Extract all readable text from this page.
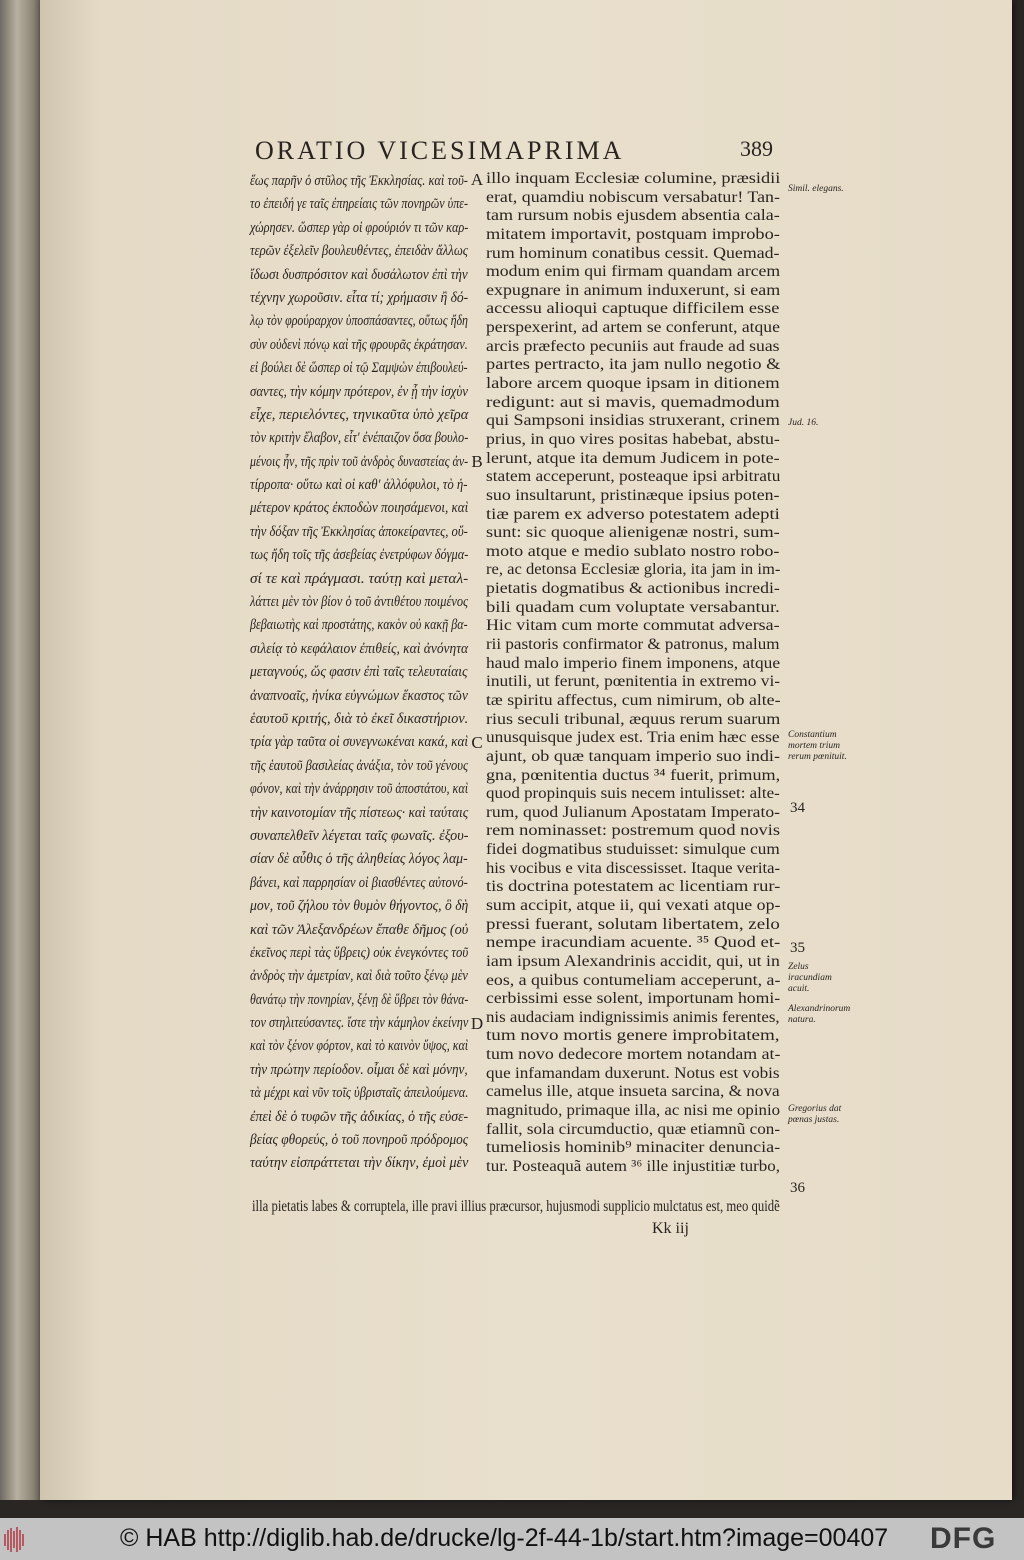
ORATIO VICESIMAPRIMA	389
ἕως παρῆν ὁ στῦλος τῆς Ἐκκλησίας. καὶ τοῦ-
το ἐπειδή γε ταῖς ἐπηρείαις τῶν πονηρῶν ὑπε-
χώρησεν. ὥσπερ γὰρ οἱ φρούριόν τι τῶν καρ-
τερῶν ἐξελεῖν βουλευθέντες, ἐπειδὰν ἄλλως
ἴδωσι δυσπρόσιτον καὶ δυσάλωτον ἐπὶ τὴν
τέχνην χωροῦσιν. εἶτα τί; χρήμασιν ἢ δό-
λῳ τὸν φρούραρχον ὑποσπάσαντες, οὕτως ἤδη
σὺν οὐδενὶ πόνῳ καὶ τῆς φρουρᾶς ἐκράτησαν.
εἰ βούλει δὲ ὥσπερ οἱ τῷ Σαμψὼν ἐπιβουλεύ-
σαντες, τὴν κόμην πρότερον, ἐν ᾗ τὴν ἰσχὺν
εἶχε, περιελόντες, τηνικαῦτα ὑπὸ χεῖρα
τὸν κριτὴν ἔλαβον, εἶτ' ἐνέπαιζον ὅσα βουλο-
μένοις ἦν, τῆς πρὶν τοῦ ἀνδρὸς δυναστείας ἀν-
τίρροπα· οὕτω καὶ οἱ καθ' ἀλλόφυλοι, τὸ ἡ-
μέτερον κράτος ἐκποδὼν ποιησάμενοι, καὶ
τὴν δόξαν τῆς Ἐκκλησίας ἀποκείραντες, οὕ-
τως ἤδη τοῖς τῆς ἀσεβείας ἐνετρύφων δόγμα-
σί τε καὶ πράγμασι. ταύτῃ καὶ μεταλ-
λάττει μὲν τὸν βίον ὁ τοῦ ἀντιθέτου ποιμένος
βεβαιωτὴς καὶ προστάτης, κακὸν οὐ κακῇ βα-
σιλείᾳ τὸ κεφάλαιον ἐπιθείς, καὶ ἀνόνητα
μεταγνούς, ὥς φασιν ἐπὶ ταῖς τελευταίαις
ἀναπνοαῖς, ἡνίκα εὐγνώμων ἕκαστος τῶν
ἑαυτοῦ κριτής, διὰ τὸ ἐκεῖ δικαστήριον.
τρία γὰρ ταῦτα οἱ συνεγνωκέναι κακά, καὶ
τῆς ἑαυτοῦ βασιλείας ἀνάξια, τὸν τοῦ γένους
φόνον, καὶ τὴν ἀνάρρησιν τοῦ ἀποστάτου, καὶ
τὴν καινοτομίαν τῆς πίστεως· καὶ ταύταις
συναπελθεῖν λέγεται ταῖς φωναῖς. ἐξου-
σίαν δὲ αὖθις ὁ τῆς ἀληθείας λόγος λαμ-
βάνει, καὶ παρρησίαν οἱ βιασθέντες αὐτονό-
μον, τοῦ ζήλου τὸν θυμὸν θήγοντος, ὃ δὴ
καὶ τῶν Ἀλεξανδρέων ἔπαθε δῆμος (οὐ
ἐκεῖνος περὶ τὰς ὕβρεις) οὐκ ἐνεγκόντες τοῦ
ἀνδρὸς τὴν ἀμετρίαν, καὶ διὰ τοῦτο ξένῳ μὲν
θανάτῳ τὴν πονηρίαν, ξένῃ δὲ ὕβρει τὸν θάνα-
τον στηλιτεύσαντες. ἴστε τὴν κάμηλον ἐκείνην
καὶ τὸν ξένον φόρτον, καὶ τὸ καινὸν ὕψος, καὶ
τὴν πρώτην περίοδον. οἶμαι δὲ καὶ μόνην,
τὰ μέχρι καὶ νῦν τοῖς ὑβρισταῖς ἀπειλούμενα.
ἐπεὶ δὲ ὁ τυφῶν τῆς ἀδικίας, ὁ τῆς εὐσε-
βείας φθορεύς, ὁ τοῦ πονηροῦ πρόδρομος
ταύτην εἰσπράττεται τὴν δίκην, ἐμοὶ μὲν
illo inquam Ecclesiæ columine, præsidii
erat, quamdiu nobiscum versabatur! Tan-
tam rursum nobis ejusdem absentia cala-
mitatem importavit, postquam improbo-
rum hominum conatibus cessit. Quemad-
modum enim qui firmam quandam arcem
expugnare in animum induxerunt, si eam
accessu alioqui captuque difficilem esse
perspexerint, ad artem se conferunt, atque
arcis præfecto pecuniis aut fraude ad suas
partes pertracto, ita jam nullo negotio &
labore arcem quoque ipsam in ditionem
redigunt: aut si mavis, quemadmodum
qui Sampsoni insidias struxerant, crinem
prius, in quo vires positas habebat, abstu-
lerunt, atque ita demum Judicem in pote-
statem acceperunt, posteaque ipsi arbitratu
suo insultarunt, pristinæque ipsius poten-
tiæ parem ex adverso potestatem adepti
sunt: sic quoque alienigenæ nostri, sum-
moto atque e medio sublato nostro robo-
re, ac detonsa Ecclesiæ gloria, ita jam in im-
pietatis dogmatibus & actionibus incredi-
bili quadam cum voluptate versabantur.
Hic vitam cum morte commutat adversa-
rii pastoris confirmator & patronus, malum
haud malo imperio finem imponens, atque
inutili, ut ferunt, pœnitentia in extremo vi-
tæ spiritu affectus, cum nimirum, ob alte-
rius seculi tribunal, æquus rerum suarum
unusquisque judex est. Tria enim hæc esse
ajunt, ob quæ tanquam imperio suo indi-
gna, pœnitentia ductus ³⁴ fuerit, primum,
quod propinquis suis necem intulisset: alte-
rum, quod Julianum Apostatam Imperato-
rem nominasset: postremum quod novis
fidei dogmatibus studuisset: simulque cum
his vocibus e vita discessisset. Itaque verita-
tis doctrina potestatem ac licentiam rur-
sum accipit, atque ii, qui vexati atque op-
pressi fuerant, solutam libertatem, zelo
nempe iracundiam acuente. ³⁵ Quod et-
iam ipsum Alexandrinis accidit, qui, ut in
eos, a quibus contumeliam acceperunt, a-
cerbissimi esse solent, importunam homi-
nis audaciam indignissimis animis ferentes,
tum novo mortis genere improbitatem,
tum novo dedecore mortem notandam at-
que infamandam duxerunt. Notus est vobis
camelus ille, atque insueta sarcina, & nova
magnitudo, primaque illa, ac nisi me opinio
fallit, sola circumductio, quæ etiamnũ con-
tumeliosis hominib⁹ minaciter denuncia-
tur. Posteaquã autem ³⁶ ille injustitiæ turbo,
A
B
C
D
Simil. elegans.
Jud. 16.
Constantium mortem trium rerum pœnituit.
34
35
Zelus iracundiam acuit.
Alexandrinorum natura.
Gregorius dat pœnas justas.
36
illa pietatis labes & corruptela, ille pravi illius præcursor, hujusmodi supplicio mulctatus est, meo quidẽ
Kk iij
© HAB http://diglib.hab.de/drucke/lg-2f-44-1b/start.htm?image=00407 DFG
